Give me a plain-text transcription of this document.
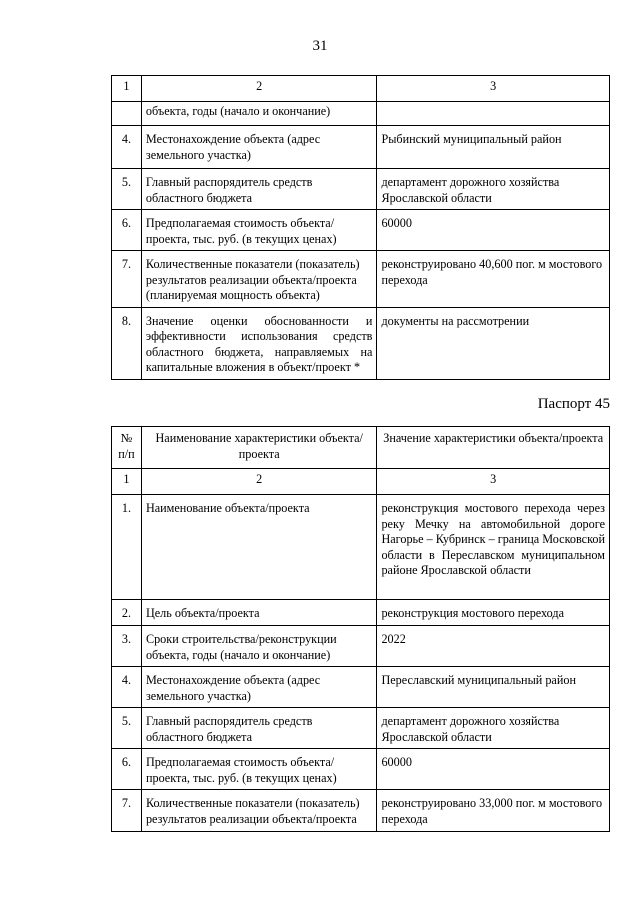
31
1	2	3
	объекта, годы (начало и окончание)	
4.	Местонахождение объекта (адрес земельного участка)	Рыбинский муниципальный район
5.	Главный распорядитель средств областного бюджета	департамент дорожного хозяйства Ярославской области
6.	Предполагаемая стоимость объекта/проекта, тыс. руб. (в текущих ценах)	60000
7.	Количественные показатели (показатель) результатов реализации объекта/проекта (планируемая мощность объекта)	реконструировано 40,600 пог. м мостового перехода
8.	Значение оценки обоснованности и эффективности использования средств областного бюджета, направляемых на капитальные вложения в объект/проект *	документы на рассмотрении
Паспорт 45
№ п/п	Наименование характеристики объекта/проекта	Значение характеристики объекта/проекта
1	2	3
1.	Наименование объекта/проекта	реконструкция мостового перехода через реку Мечку на автомобильной дороге Нагорье – Кубринск – граница Московской области в Переславском муниципальном районе Ярославской области
2.	Цель объекта/проекта	реконструкция мостового перехода
3.	Сроки строительства/реконструкции объекта, годы (начало и окончание)	2022
4.	Местонахождение объекта (адрес земельного участка)	Переславский муниципальный район
5.	Главный распорядитель средств областного бюджета	департамент дорожного хозяйства Ярославской области
6.	Предполагаемая стоимость объекта/проекта, тыс. руб. (в текущих ценах)	60000
7.	Количественные показатели (показатель) результатов реализации объекта/проекта	реконструировано 33,000 пог. м мостового перехода
